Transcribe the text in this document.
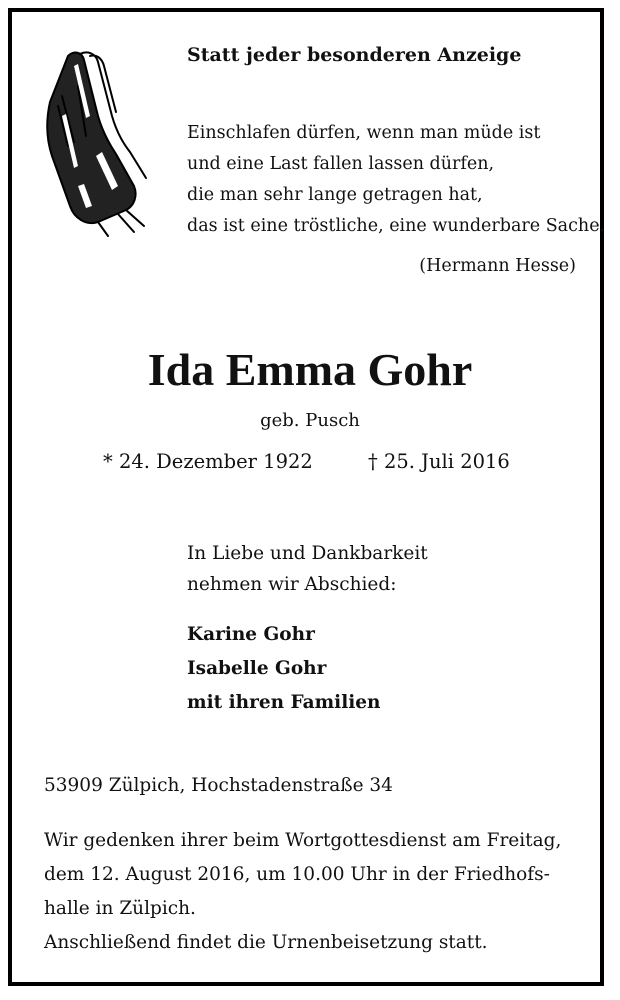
Statt jeder besonderen Anzeige
Einschlafen dürfen, wenn man müde ist
und eine Last fallen lassen dürfen,
die man sehr lange getragen hat,
das ist eine tröstliche, eine wunderbare Sache.
(Hermann Hesse)
Ida Emma Gohr
geb. Pusch
* 24. Dezember 1922	† 25. Juli 2016
In Liebe und Dankbarkeit
nehmen wir Abschied:
Karine Gohr
Isabelle Gohr
mit ihren Familien
53909 Zülpich, Hochstadenstraße 34
Wir gedenken ihrer beim Wortgottesdienst am Freitag,
dem 12. August 2016, um 10.00 Uhr in der Friedhofs-
halle in Zülpich.
Anschließend findet die Urnenbeisetzung statt.
